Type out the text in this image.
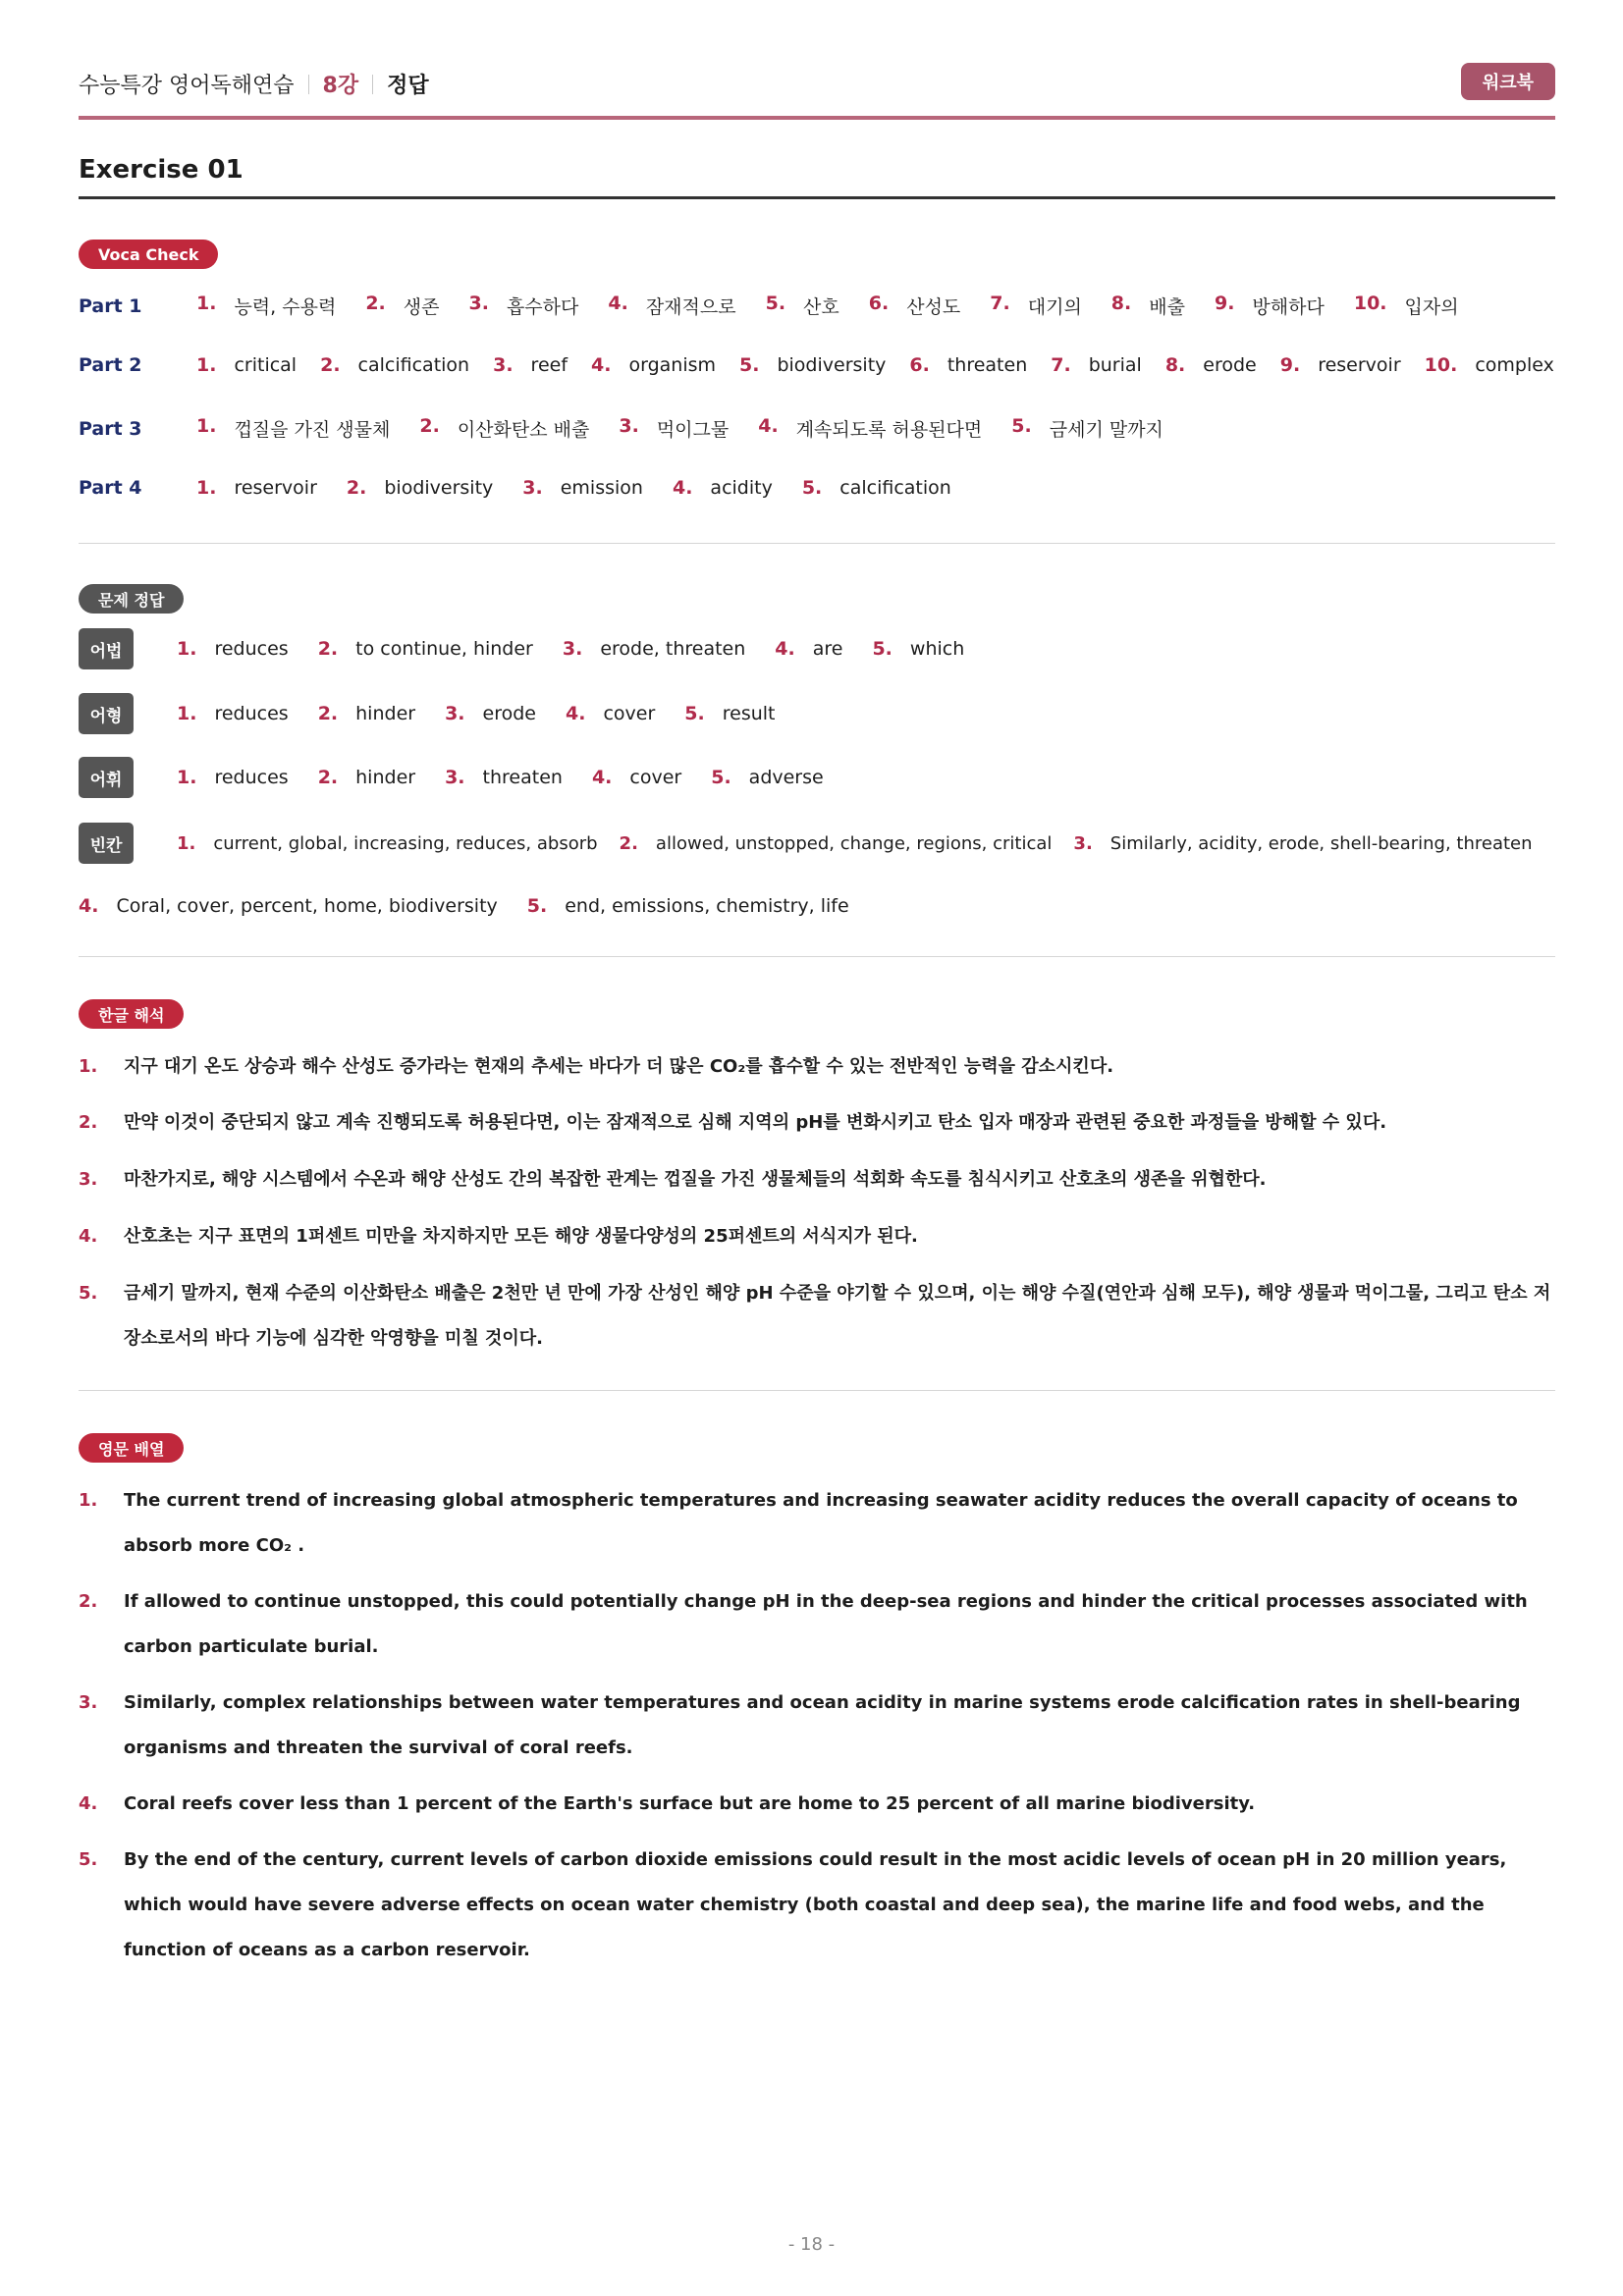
수능특강 영어독해연습 8강 정답	워크북
Exercise 01
Voca Check
Part 1	1. 능력, 수용력 2. 생존 3. 흡수하다 4. 잠재적으로 5. 산호 6. 산성도 7. 대기의 8. 배출 9. 방해하다 10. 입자의
Part 2	1. critical 2. calcification 3. reef 4. organism 5. biodiversity 6. threaten 7. burial 8. erode 9. reservoir 10. complex
Part 3	1. 껍질을 가진 생물체 2. 이산화탄소 배출 3. 먹이그물 4. 계속되도록 허용된다면 5. 금세기 말까지
Part 4	1. reservoir 2. biodiversity 3. emission 4. acidity 5. calcification
문제 정답
어법	1. reduces 2. to continue, hinder 3. erode, threaten 4. are 5. which
어형	1. reduces 2. hinder 3. erode 4. cover 5. result
어휘	1. reduces 2. hinder 3. threaten 4. cover 5. adverse
빈칸	1. current, global, increasing, reduces, absorb 2. allowed, unstopped, change, regions, critical 3. Similarly, acidity, erode, shell-bearing, threaten
4. Coral, cover, percent, home, biodiversity 5. end, emissions, chemistry, life
한글 해석
1. 지구 대기 온도 상승과 해수 산성도 증가라는 현재의 추세는 바다가 더 많은 CO₂를 흡수할 수 있는 전반적인 능력을 감소시킨다.
2. 만약 이것이 중단되지 않고 계속 진행되도록 허용된다면, 이는 잠재적으로 심해 지역의 pH를 변화시키고 탄소 입자 매장과 관련된 중요한 과정들을 방해할 수 있다.
3. 마찬가지로, 해양 시스템에서 수온과 해양 산성도 간의 복잡한 관계는 껍질을 가진 생물체들의 석회화 속도를 침식시키고 산호초의 생존을 위협한다.
4. 산호초는 지구 표면의 1퍼센트 미만을 차지하지만 모든 해양 생물다양성의 25퍼센트의 서식지가 된다.
5. 금세기 말까지, 현재 수준의 이산화탄소 배출은 2천만 년 만에 가장 산성인 해양 pH 수준을 야기할 수 있으며, 이는 해양 수질(연안과 심해 모두), 해양 생물과 먹이그물, 그리고 탄소 저장소로서의 바다 기능에 심각한 악영향을 미칠 것이다.
영문 배열
1. The current trend of increasing global atmospheric temperatures and increasing seawater acidity reduces the overall capacity of oceans to absorb more CO₂ .
2. If allowed to continue unstopped, this could potentially change pH in the deep-sea regions and hinder the critical processes associated with carbon particulate burial.
3. Similarly, complex relationships between water temperatures and ocean acidity in marine systems erode calcification rates in shell-bearing organisms and threaten the survival of coral reefs.
4. Coral reefs cover less than 1 percent of the Earth's surface but are home to 25 percent of all marine biodiversity.
5. By the end of the century, current levels of carbon dioxide emissions could result in the most acidic levels of ocean pH in 20 million years, which would have severe adverse effects on ocean water chemistry (both coastal and deep sea), the marine life and food webs, and the function of oceans as a carbon reservoir.
- 18 -
